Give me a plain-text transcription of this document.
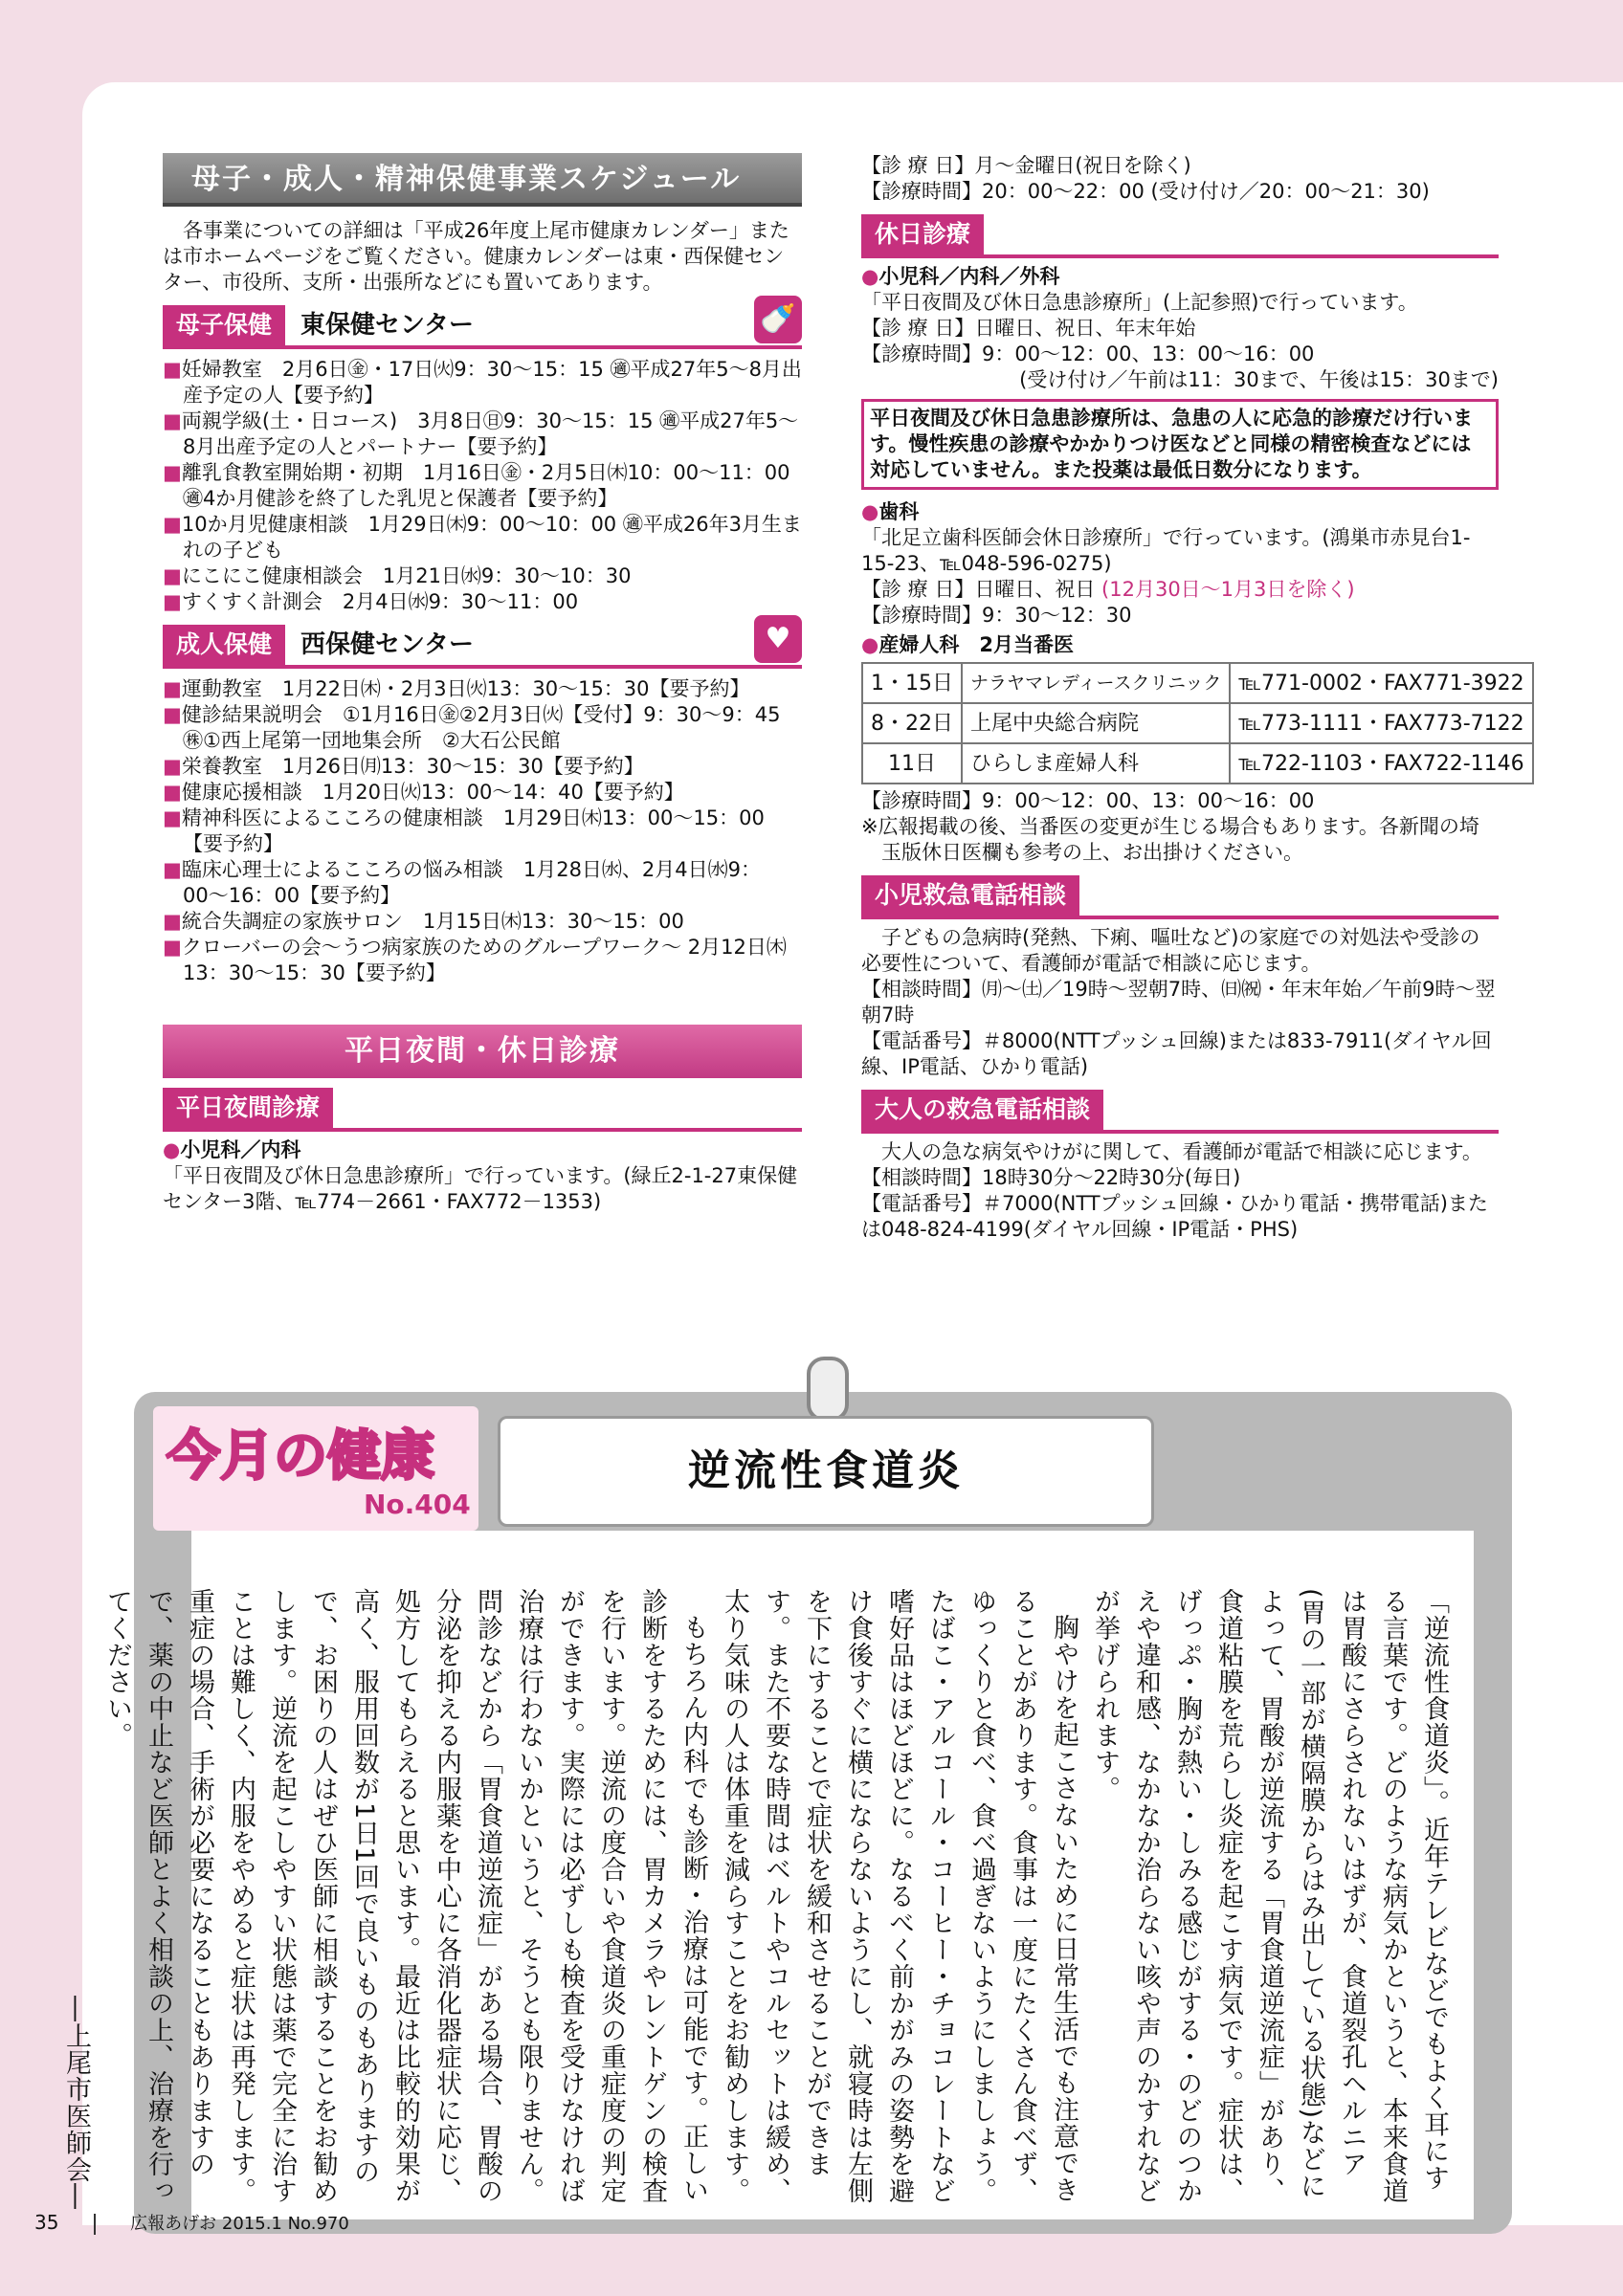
母子・成人・精神保健事業スケジュール

各事業についての詳細は「平成26年度上尾市健康カレンダー」または市ホームページをご覧ください。健康カレンダーは東・西保健センター、市役所、支所・出張所などにも置いてあります。

母子保健	東保健センター	🍼

■ 妊婦教室　2月6日㊎・17日㈫9：30〜15：15 ㊜平成27年5〜8月出産予定の人【要予約】

■ 両親学級(土・日コース)　3月8日㊐9：30〜15：15 ㊜平成27年5〜8月出産予定の人とパートナー【要予約】

■ 離乳食教室開始期・初期　1月16日㊎・2月5日㈭10：00〜11：00 ㊜4か月健診を終了した乳児と保護者【要予約】

■ 10か月児健康相談　1月29日㈭9：00〜10：00 ㊜平成26年3月生まれの子ども

■ にこにこ健康相談会　1月21日㈬9：30〜10：30

■ すくすく計測会　2月4日㈬9：30〜11：00

成人保健	西保健センター	♥

■ 運動教室　1月22日㈭・2月3日㈫13：30〜15：30【要予約】

■ 健診結果説明会　①1月16日㊎②2月3日㈫【受付】9：30〜9：45 ㊑①西上尾第一団地集会所　②大石公民館

■ 栄養教室　1月26日㈪13：30〜15：30【要予約】

■ 健康応援相談　1月20日㈫13：00〜14：40【要予約】

■ 精神科医によるこころの健康相談　1月29日㈭13：00〜15：00【要予約】

■ 臨床心理士によるこころの悩み相談　1月28日㈬、2月4日㈬9：00〜16：00【要予約】

■ 統合失調症の家族サロン　1月15日㈭13：30〜15：00

■ クローバーの会〜うつ病家族のためのグループワーク〜 2月12日㈭13：30〜15：30【要予約】

平日夜間・休日診療
平日夜間診療

● 小児科／内科

「平日夜間及び休日急患診療所」で行っています。(緑丘2-1-27東保健センター3階、℡774－2661・FAX772－1353)

【診 療 日】月〜金曜日(祝日を除く)

【診療時間】20：00〜22：00 (受け付け／20：00〜21：30)

休日診療

● 小児科／内科／外科

「平日夜間及び休日急患診療所」(上記参照)で行っています。

【診 療 日】日曜日、祝日、年末年始

【診療時間】9：00〜12：00、13：00〜16：00

(受け付け／午前は11：30まで、午後は15：30まで)

平日夜間及び休日急患診療所は、急患の人に応急的診療だけ行います。慢性疾患の診療やかかりつけ医などと同様の精密検査などには対応していません。また投薬は最低日数分になります。

● 歯科

「北足立歯科医師会休日診療所」で行っています。(鴻巣市赤見台1-15-23、℡048-596-0275)

【診 療 日】日曜日、祝日 (12月30日〜1月3日を除く)

【診療時間】9：30〜12：30

● 産婦人科　2月当番医

1・15日	ナラヤマレディースクリニック	℡771-0002・FAX771-3922
8・22日	上尾中央総合病院	℡773-1111・FAX773-7122
11日	ひらしま産婦人科	℡722-1103・FAX722-1146

【診療時間】9：00〜12：00、13：00〜16：00

※広報掲載の後、当番医の変更が生じる場合もあります。各新聞の埼玉版休日医欄も参考の上、お出掛けください。

小児救急電話相談

子どもの急病時(発熱、下痢、嘔吐など)の家庭での対処法や受診の必要性について、看護師が電話で相談に応じます。

【相談時間】㈪〜㈯／19時〜翌朝7時、㈰㈷・年末年始／午前9時〜翌朝7時

【電話番号】＃8000(NTTプッシュ回線)または833-7911(ダイヤル回線、IP電話、ひかり電話)

大人の救急電話相談

大人の急な病気やけがに関して、看護師が電話で相談に応じます。

【相談時間】18時30分〜22時30分(毎日)

【電話番号】＃7000(NTTプッシュ回線・ひかり電話・携帯電話)または048-824-4199(ダイヤル回線・IP電話・PHS)

今月の健康
No.404
逆流性食道炎

「逆流性食道炎」。近年テレビなどでもよく耳にする言葉です。どのような病気かというと、本来食道は胃酸にさらされないはずが、食道裂孔ヘルニア(胃の一部が横隔膜からはみ出している状態)などによって、胃酸が逆流する「胃食道逆流症」があり、食道粘膜を荒らし炎症を起こす病気です。症状は、げっぷ・胸が熱い・しみる感じがする・のどのつかえや違和感、なかなか治らない咳や声のかすれなどが挙げられます。

胸やけを起こさないために日常生活でも注意できることがあります。食事は一度にたくさん食べず、ゆっくりと食べ、食べ過ぎないようにしましょう。たばこ・アルコール・コーヒー・チョコレートなど嗜好品はほどほどに。なるべく前かがみの姿勢を避け食後すぐに横にならないようにし、就寝時は左側を下にすることで症状を緩和させることができます。また不要な時間はベルトやコルセットは緩め、太り気味の人は体重を減らすことをお勧めします。

もちろん内科でも診断・治療は可能です。正しい診断をするためには、胃カメラやレントゲンの検査を行います。逆流の度合いや食道炎の重症度の判定ができます。実際には必ずしも検査を受けなければ治療は行わないかというと、そうとも限りません。問診などから「胃食道逆流症」がある場合、胃酸の分泌を抑える内服薬を中心に各消化器症状に応じ、処方してもらえると思います。最近は比較的効果が高く、服用回数が1日1回で良いものもありますので、お困りの人はぜひ医師に相談することをお勧めします。逆流を起こしやすい状態は薬で完全に治すことは難しく、内服をやめると症状は再発します。重症の場合、手術が必要になることもありますので、薬の中止など医師とよく相談の上、治療を行ってください。

―上尾市医師会―

35	広報あげお 2015.1 No.970
